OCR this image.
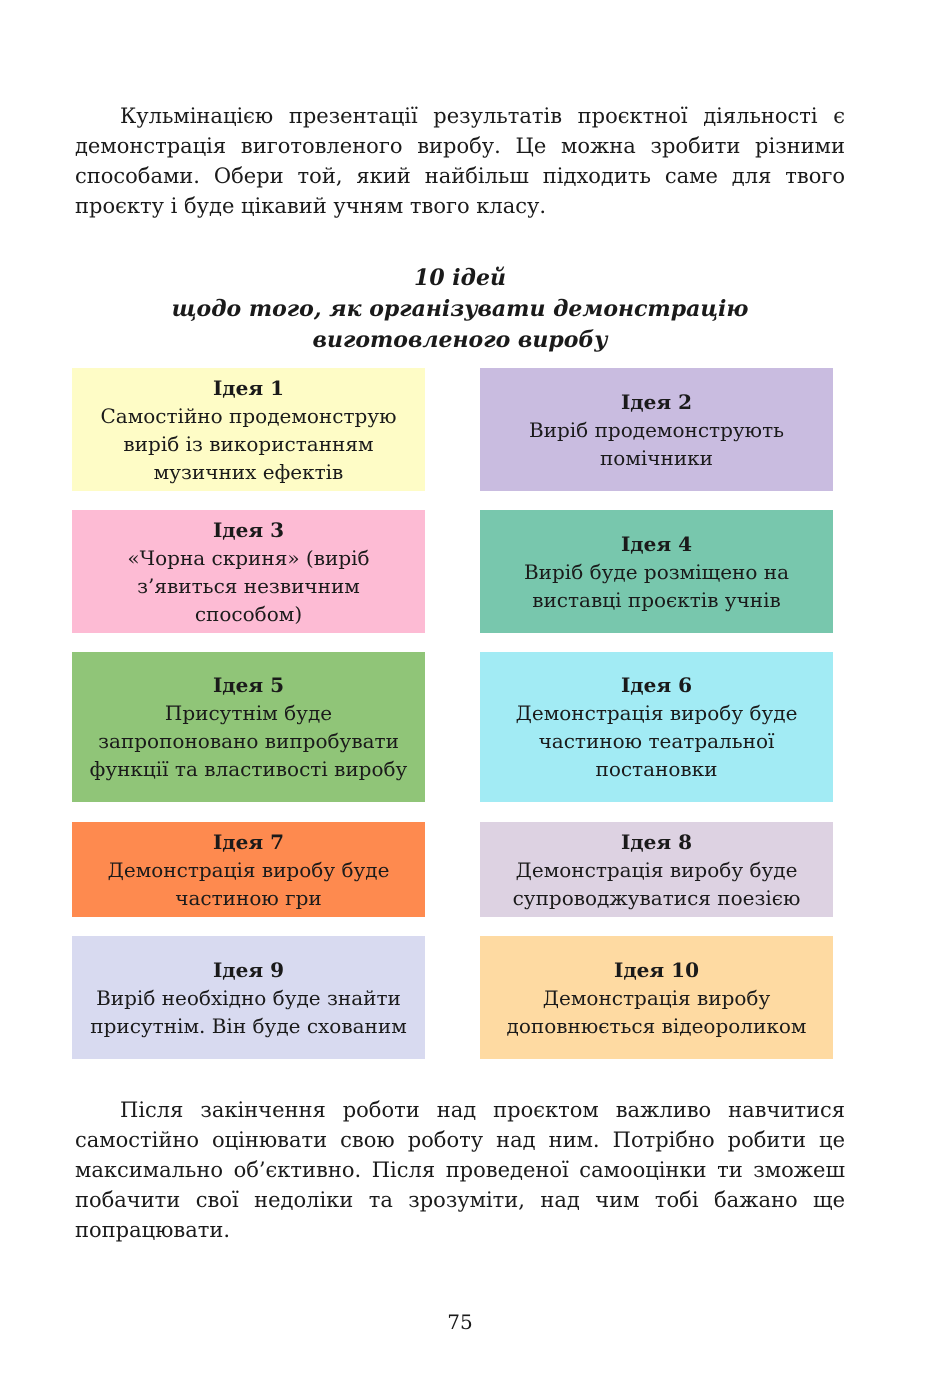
Кульмінацією презентації результатів проєктної діяльності є демонстрація виготовленого виробу. Це можна зробити різними способами. Обери той, який найбільш підходить саме для твого проєкту і буде цікавий учням твого класу.

10 ідей
щодо того, як організувати демонстрацію
виготовленого виробу
Ідея 1
Самостійно продемонструю виріб із використанням музичних ефектів
Ідея 2
Виріб продемонструють помічники
Ідея 3
«Чорна скриня» (виріб з’явиться незвичним способом)
Ідея 4
Виріб буде розміщено на виставці проєктів учнів
Ідея 5
Присутнім буде запропоновано випробувати функції та властивості виробу
Ідея 6
Демонстрація виробу буде частиною театральної постановки
Ідея 7
Демонстрація виробу буде частиною гри
Ідея 8
Демонстрація виробу буде супроводжуватися поезією
Ідея 9
Виріб необхідно буде знайти присутнім. Він буде схованим
Ідея 10
Демонстрація виробу доповнюється відеороликом

Після закінчення роботи над проєктом важливо навчитися самостійно оцінювати свою роботу над ним. Потрібно робити це максимально об’єктивно. Після проведеної самооцінки ти зможеш побачити свої недоліки та зрозуміти, над чим тобі бажано ще попрацювати.

75
